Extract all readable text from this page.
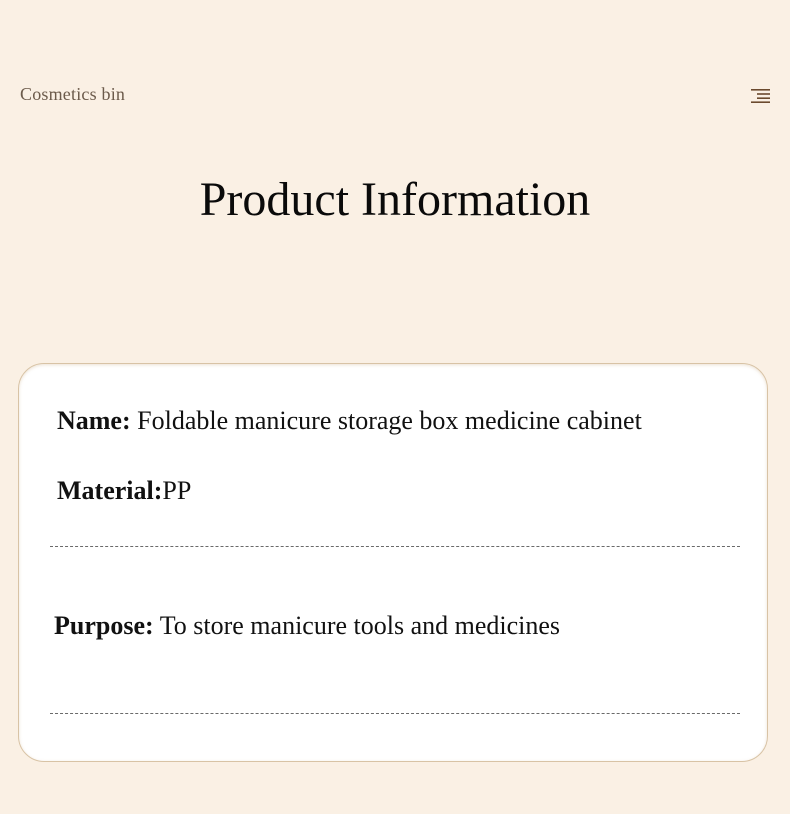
Cosmetics bin
Product Information
Name: Foldable manicure storage box medicine cabinet
Material:PP
Purpose: To store manicure tools and medicines
